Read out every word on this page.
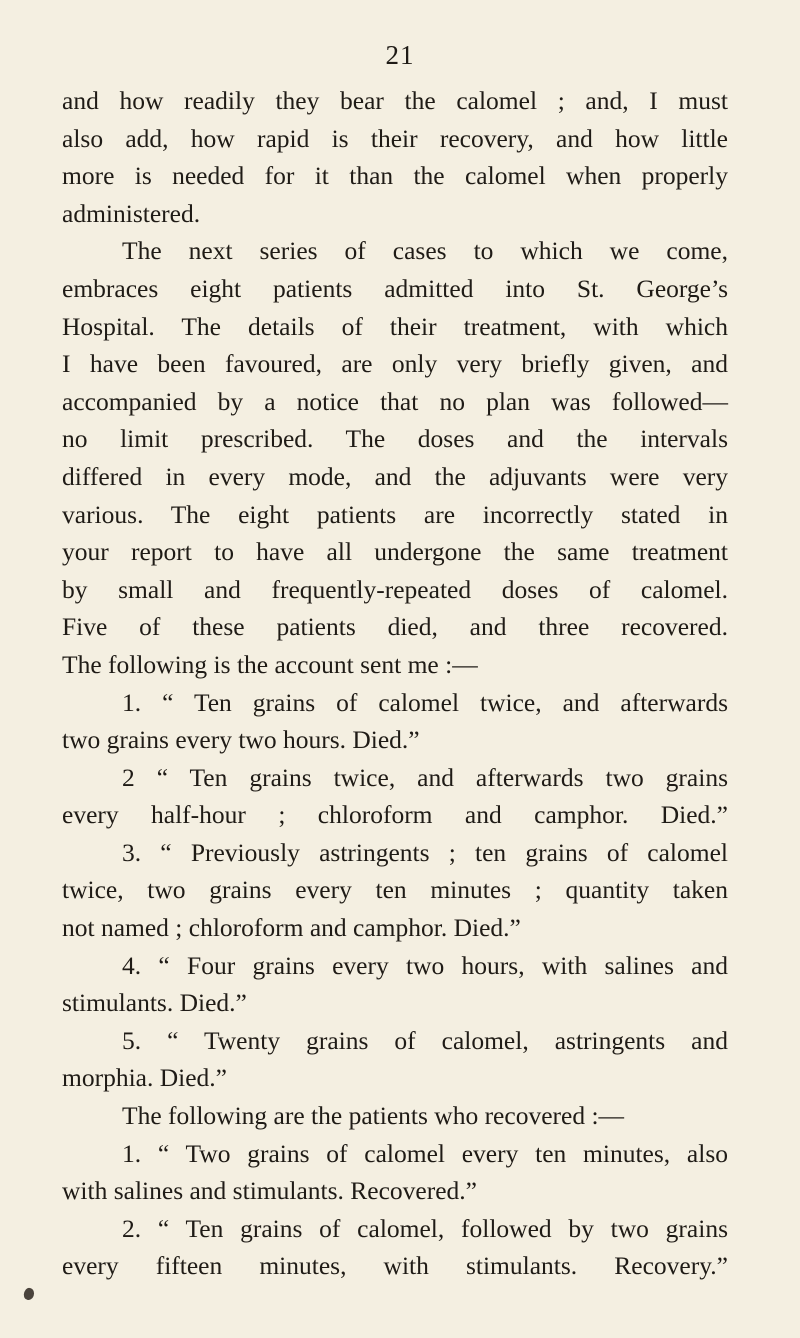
21
and how readily they bear the calomel ; and, I must
also add, how rapid is their recovery, and how little
more is needed for it than the calomel when properly
administered.
The next series of cases to which we come,
embraces eight patients admitted into St. George’s
Hospital. The details of their treatment, with which
I have been favoured, are only very briefly given, and
accompanied by a notice that no plan was followed—
no limit prescribed. The doses and the intervals
differed in every mode, and the adjuvants were very
various. The eight patients are incorrectly stated in
your report to have all undergone the same treatment
by small and frequently-repeated doses of calomel.
Five of these patients died, and three recovered.
The following is the account sent me :—
1. “ Ten grains of calomel twice, and afterwards
two grains every two hours. Died.”
2 “ Ten grains twice, and afterwards two grains
every half-hour ; chloroform and camphor. Died.”
3. “ Previously astringents ; ten grains of calomel
twice, two grains every ten minutes ; quantity taken
not named ; chloroform and camphor. Died.”
4. “ Four grains every two hours, with salines and
stimulants. Died.”
5. “ Twenty grains of calomel, astringents and
morphia. Died.”
The following are the patients who recovered :—
1. “ Two grains of calomel every ten minutes, also
with salines and stimulants. Recovered.”
2. “ Ten grains of calomel, followed by two grains
every fifteen minutes, with stimulants. Recovery.”
